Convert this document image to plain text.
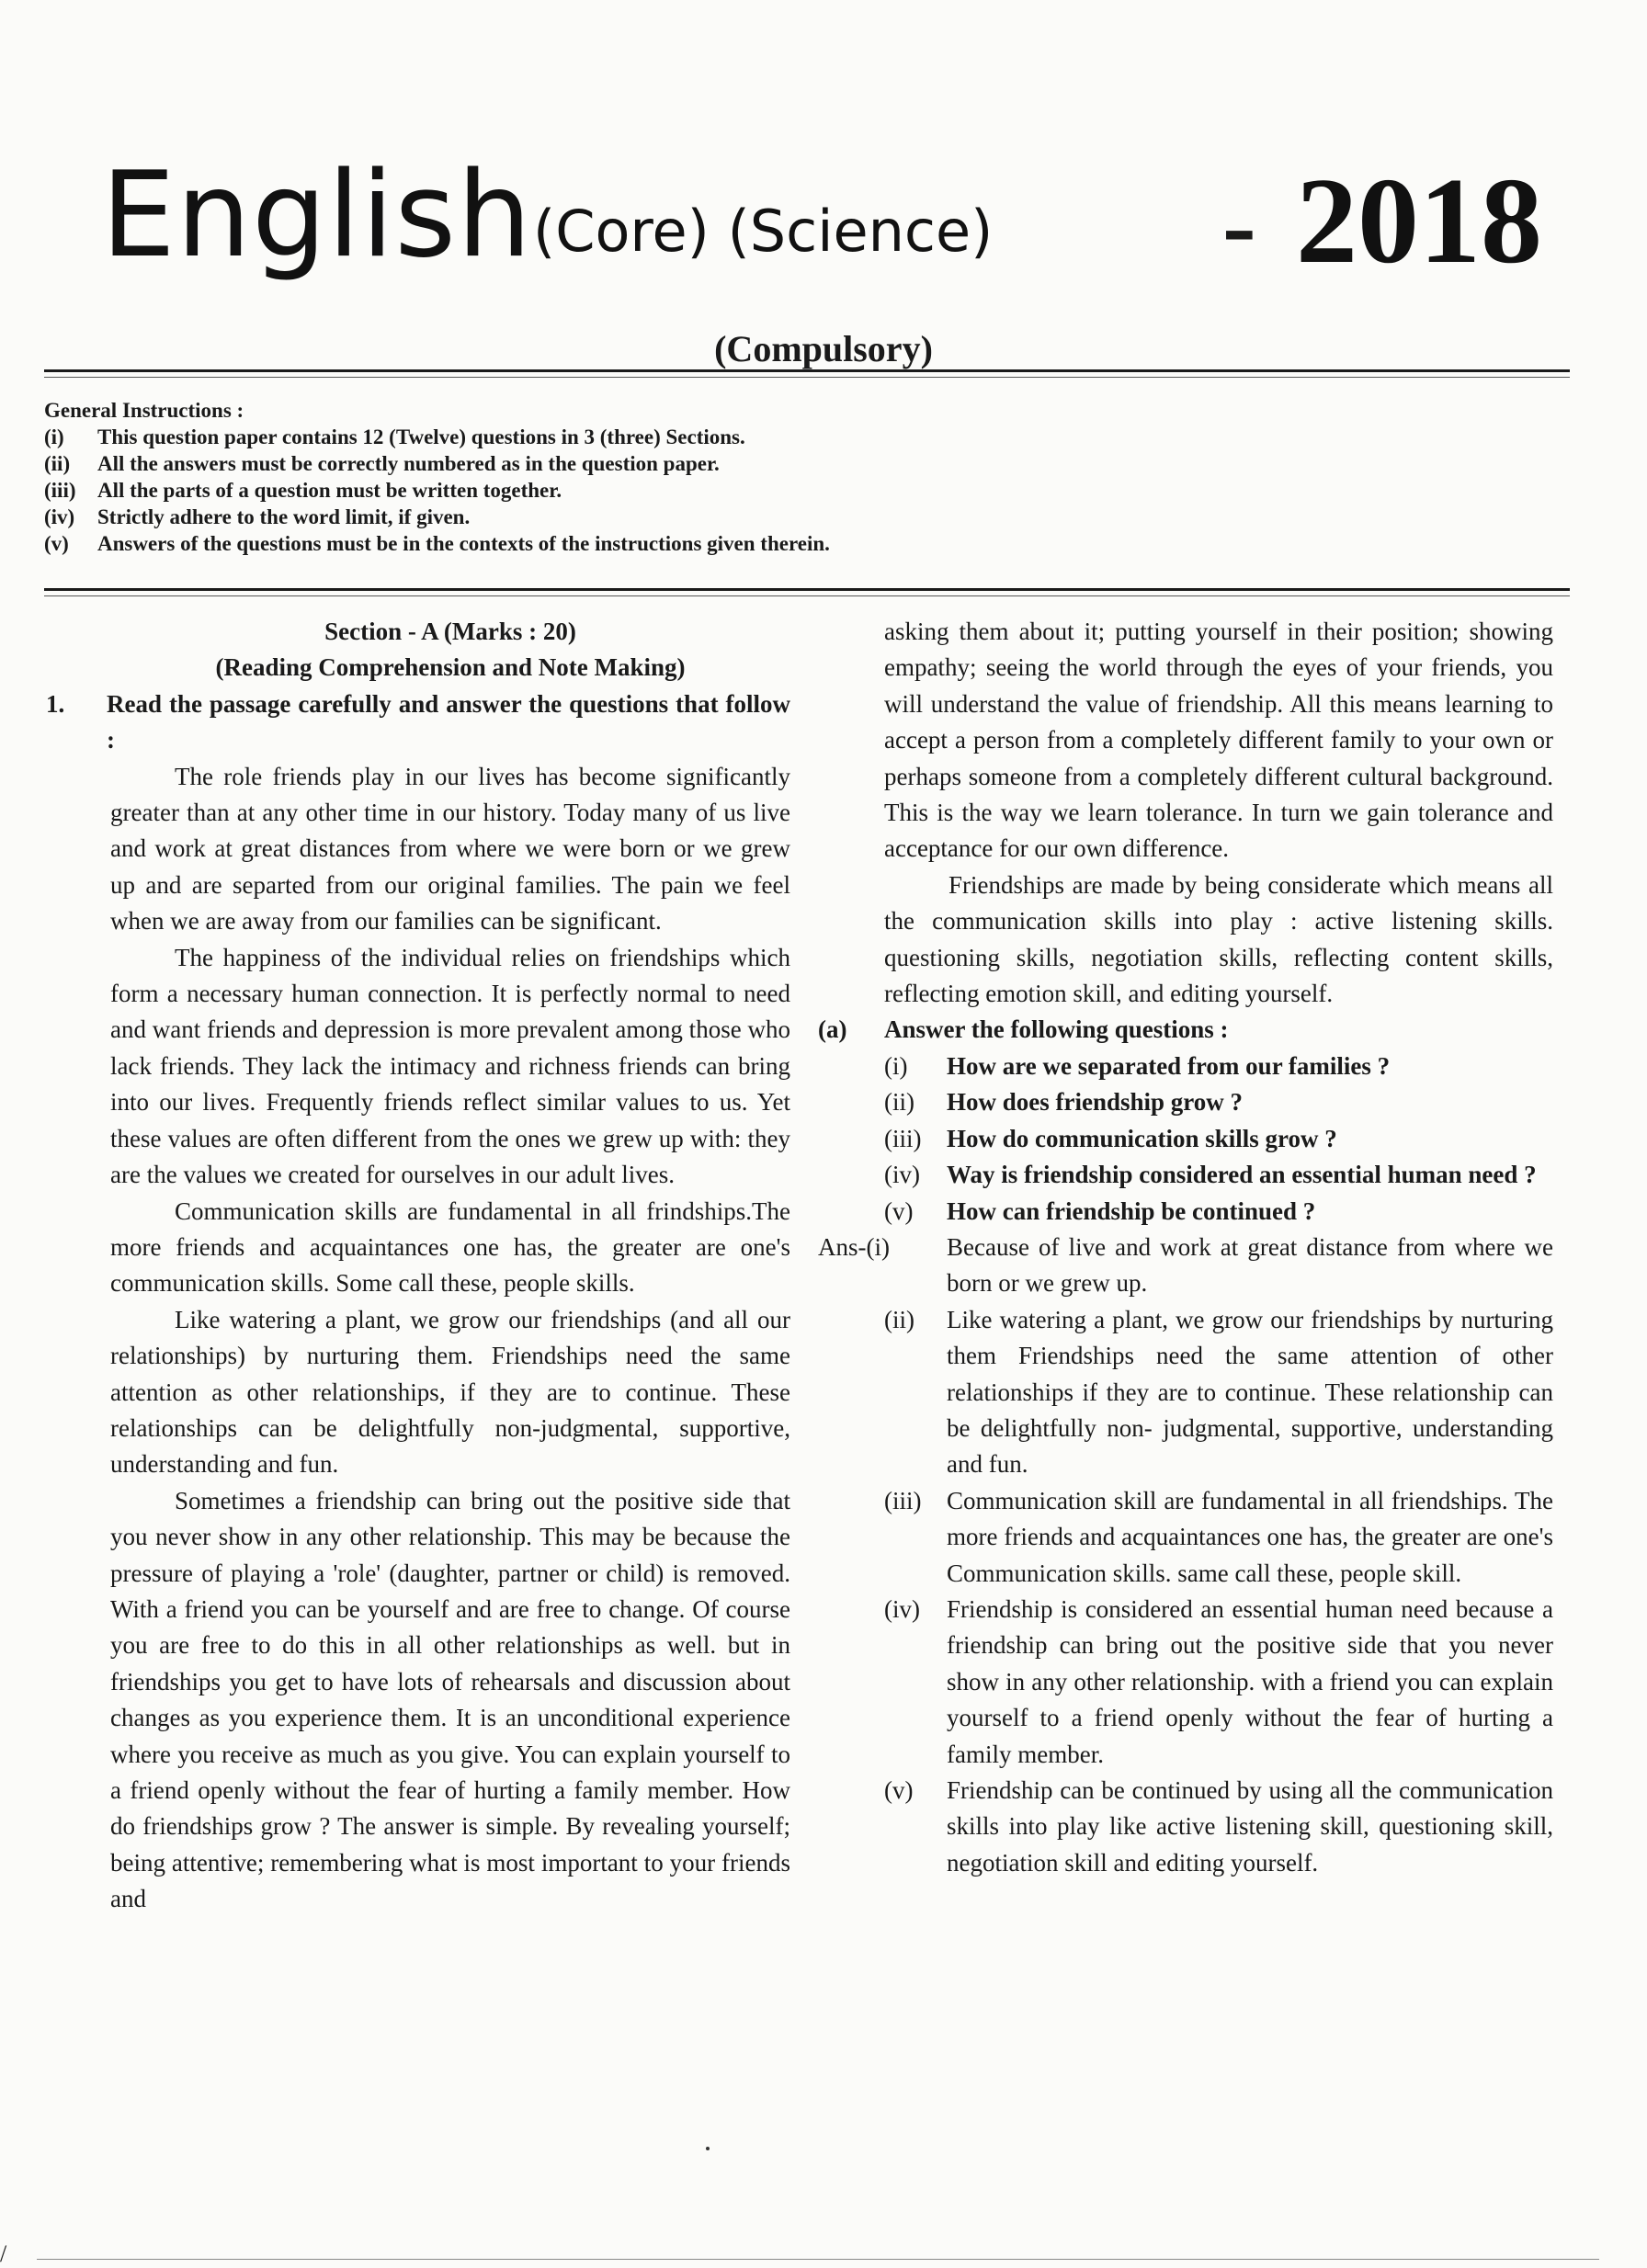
English (Core) (Science) - 2018
(Compulsory)
General Instructions :
(i)	This question paper contains 12 (Twelve) questions in 3 (three) Sections.
(ii)	All the answers must be correctly numbered as in the question paper.
(iii)	All the parts of a question must be written together.
(iv)	Strictly adhere to the word limit, if given.
(v)	Answers of the questions must be in the contexts of the instructions given therein.
Section - A (Marks : 20)
(Reading Comprehension and Note Making)
1.	Read the passage carefully and answer the questions that follow :

The role friends play in our lives has become significantly greater than at any other time in our history. Today many of us live and work at great distances from where we were born or we grew up and are separted from our original families. The pain we feel when we are away from our families can be significant.

The happiness of the individual relies on friendships which form a necessary human connection. It is perfectly normal to need and want friends and depression is more prevalent among those who lack friends. They lack the intimacy and richness friends can bring into our lives. Frequently friends reflect similar values to us. Yet these values are often different from the ones we grew up with: they are the values we created for ourselves in our adult lives.

Communication skills are fundamental in all frindships.The more friends and acquaintances one has, the greater are one's communication skills. Some call these, people skills.

Like watering a plant, we grow our friendships (and all our relationships) by nurturing them. Friendships need the same attention as other relationships, if they are to continue. These relationships can be delightfully non-judgmental, supportive, understanding and fun.

Sometimes a friendship can bring out the positive side that you never show in any other relationship. This may be because the pressure of playing a 'role' (daughter, partner or child) is removed. With a friend you can be yourself and are free to change. Of course you are free to do this in all other relationships as well. but in friendships you get to have lots of rehearsals and discussion about changes as you experience them. It is an unconditional experience where you receive as much as you give. You can explain yourself to a friend openly without the fear of hurting a family member. How do friendships grow ? The answer is simple. By revealing yourself; being attentive; remembering what is most important to your friends and

asking them about it; putting yourself in their position; showing empathy; seeing the world through the eyes of your friends, you will understand the value of friendship. All this means learning to accept a person from a completely different family to your own or perhaps someone from a completely different cultural background. This is the way we learn tolerance. In turn we gain tolerance and acceptance for our own difference.

Friendships are made by being considerate which means all the communication skills into play : active listening skills. questioning skills, negotiation skills, reflecting content skills, reflecting emotion skill, and editing yourself.

(a)	Answer the following questions :
(i)	How are we separated from our families ?
(ii)	How does friendship grow ?
(iii)	How do communication skills grow ?
(iv)	Way is friendship considered an essential human need ?
(v)	How can friendship be continued ?
Ans-(i)	Because of live and work at great distance from where we born or we grew up.
(ii)	Like watering a plant, we grow our friendships by nurturing them Friendships need the same attention of other relationships if they are to continue. These relationship can be delightfully non- judgmental, supportive, understanding and fun.
(iii)	Communication skill are fundamental in all friendships. The more friends and acquaintances one has, the greater are one's Communication skills. same call these, people skill.
(iv)	Friendship is considered an essential human need because a friendship can bring out the positive side that you never show in any other relationship. with a friend you can explain yourself to a friend openly without the fear of hurting a family member.
(v)	Friendship can be continued by using all the communication skills into play like active listening skill, questioning skill, negotiation skill and editing yourself.
/
